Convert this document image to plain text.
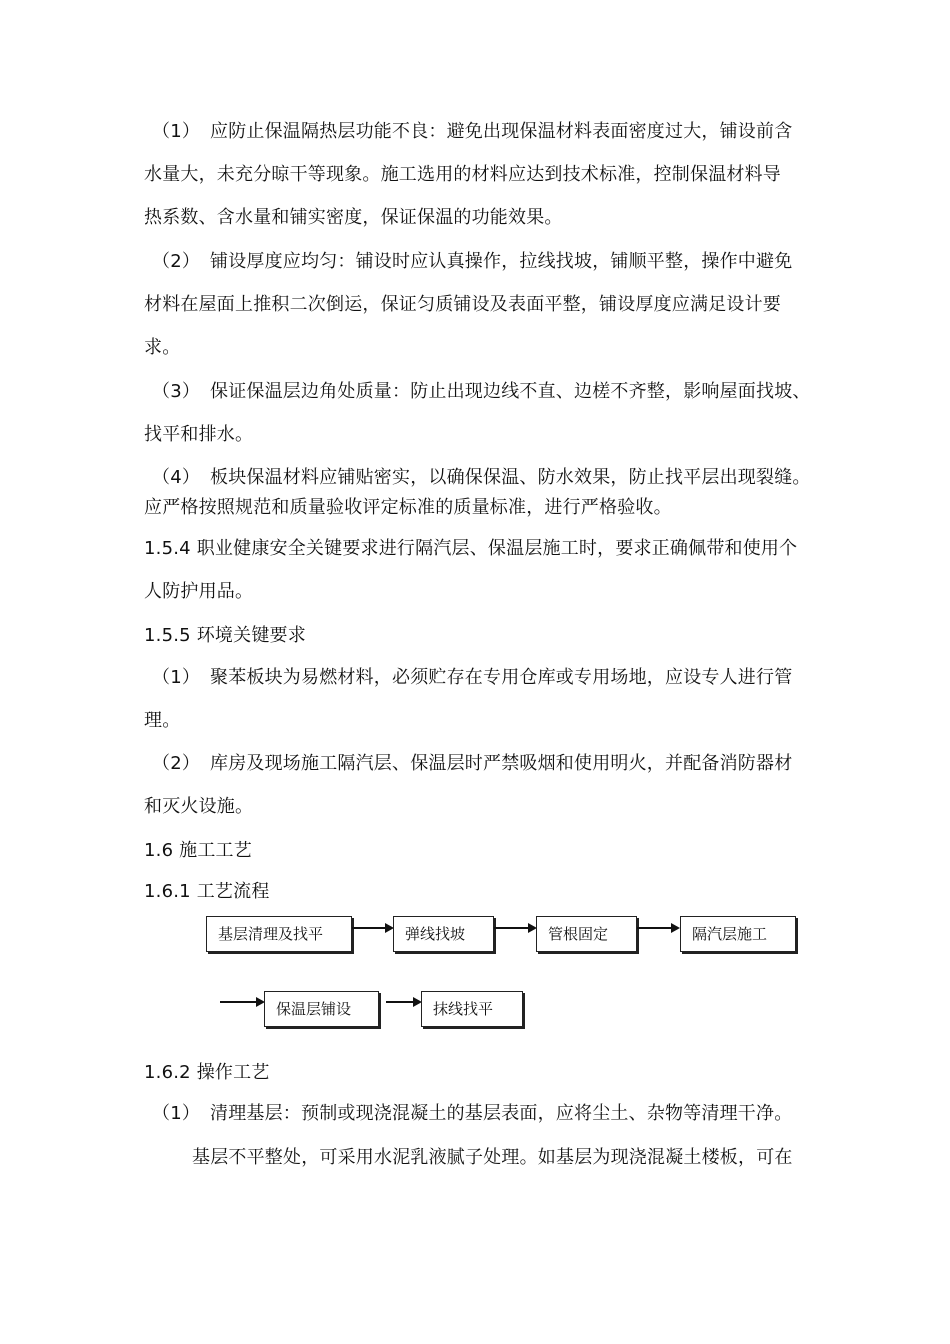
（1） 应防止保温隔热层功能不良：避免出现保温材料表面密度过大，铺设前含
水量大，未充分晾干等现象。施工选用的材料应达到技术标准，控制保温材料导
热系数、含水量和铺实密度，保证保温的功能效果。
（2） 铺设厚度应均匀：铺设时应认真操作，拉线找坡，铺顺平整，操作中避免
材料在屋面上推积二次倒运，保证匀质铺设及表面平整，铺设厚度应满足设计要
求。
（3） 保证保温层边角处质量：防止出现边线不直、边槎不齐整，影响屋面找坡、
找平和排水。
（4） 板块保温材料应铺贴密实，以确保保温、防水效果，防止找平层出现裂缝。
应严格按照规范和质量验收评定标准的质量标准，进行严格验收。
1.5.4 职业健康安全关键要求进行隔汽层、保温层施工时，要求正确佩带和使用个
人防护用品。
1.5.5 环境关键要求
（1） 聚苯板块为易燃材料，必须贮存在专用仓库或专用场地，应设专人进行管
理。
（2） 库房及现场施工隔汽层、保温层时严禁吸烟和使用明火，并配备消防器材
和灭火设施。
1.6 施工工艺
1.6.1 工艺流程
基层清理及找平	弹线找坡	管根固定	隔汽层施工
保温层铺设	抹线找平
1.6.2 操作工艺
（1） 清理基层：预制或现浇混凝土的基层表面，应将尘土、杂物等清理干净。
基层不平整处，可采用水泥乳液腻子处理。如基层为现浇混凝土楼板，可在
